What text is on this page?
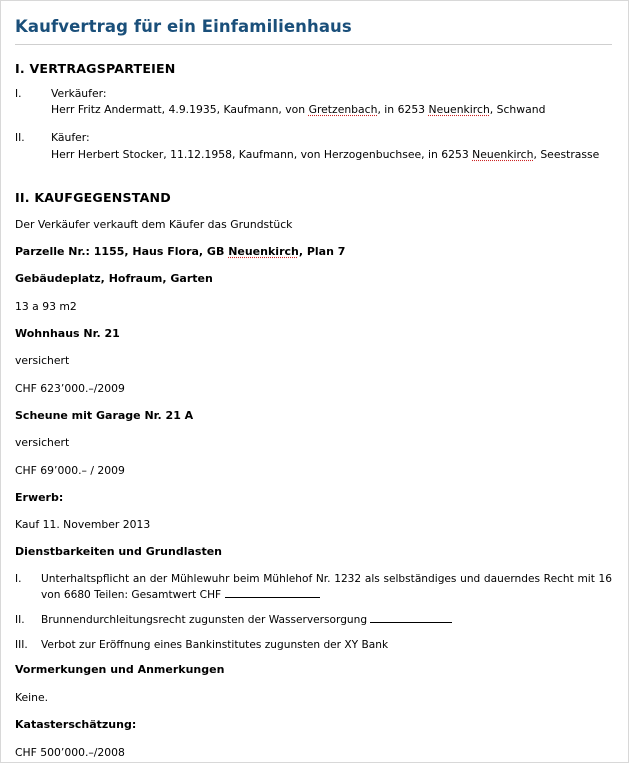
Kaufvertrag für ein Einfamilienhaus
I. VERTRAGSPARTEIEN
I.	Verkäufer:
Herr Fritz Andermatt, 4.9.1935, Kaufmann, von Gretzenbach, in 6253 Neuenkirch, Schwand
II.	Käufer:
Herr Herbert Stocker, 11.12.1958, Kaufmann, von Herzogenbuchsee, in 6253 Neuenkirch, Seestrasse
II. KAUFGEGENSTAND

Der Verkäufer verkauft dem Käufer das Grundstück

Parzelle Nr.: 1155, Haus Flora, GB Neuenkirch, Plan 7

Gebäudeplatz, Hofraum, Garten

13 a 93 m2

Wohnhaus Nr. 21

versichert

CHF 623’000.–/2009

Scheune mit Garage Nr. 21 A

versichert

CHF 69’000.– / 2009

Erwerb:

Kauf 11. November 2013

Dienstbarkeiten und Grundlasten

I.	Unterhaltspflicht an der Mühlewuhr beim Mühlehof Nr. 1232 als selbständiges und dauerndes Recht mit 16 von 6680 Teilen: Gesamtwert CHF
II.	Brunnendurchleitungsrecht zugunsten der Wasserversorgung
III.	Verbot zur Eröffnung eines Bankinstitutes zugunsten der XY Bank

Vormerkungen und Anmerkungen

Keine.

Katasterschätzung:

CHF 500’000.–/2008
